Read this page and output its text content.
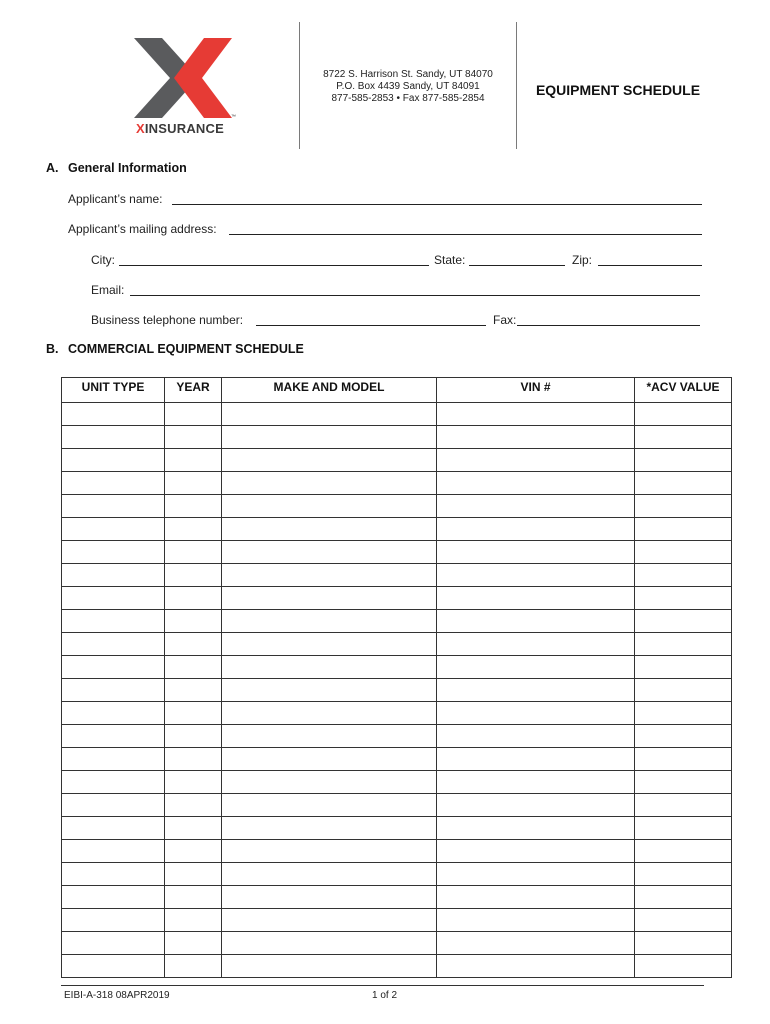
XINSURANCE
™
8722 S. Harrison St. Sandy, UT 84070
P.O. Box 4439 Sandy, UT 84091
877-585-2853 • Fax 877-585-2854
EQUIPMENT SCHEDULE
A. General Information
Applicant’s name:
Applicant’s mailing address:
City:	State:	Zip:
Email:
Business telephone number:	Fax:
B. COMMERCIAL EQUIPMENT SCHEDULE
UNIT TYPE	YEAR	MAKE AND MODEL	VIN #	*ACV VALUE

EIBI-A-318 08APR2019	1 of 2
